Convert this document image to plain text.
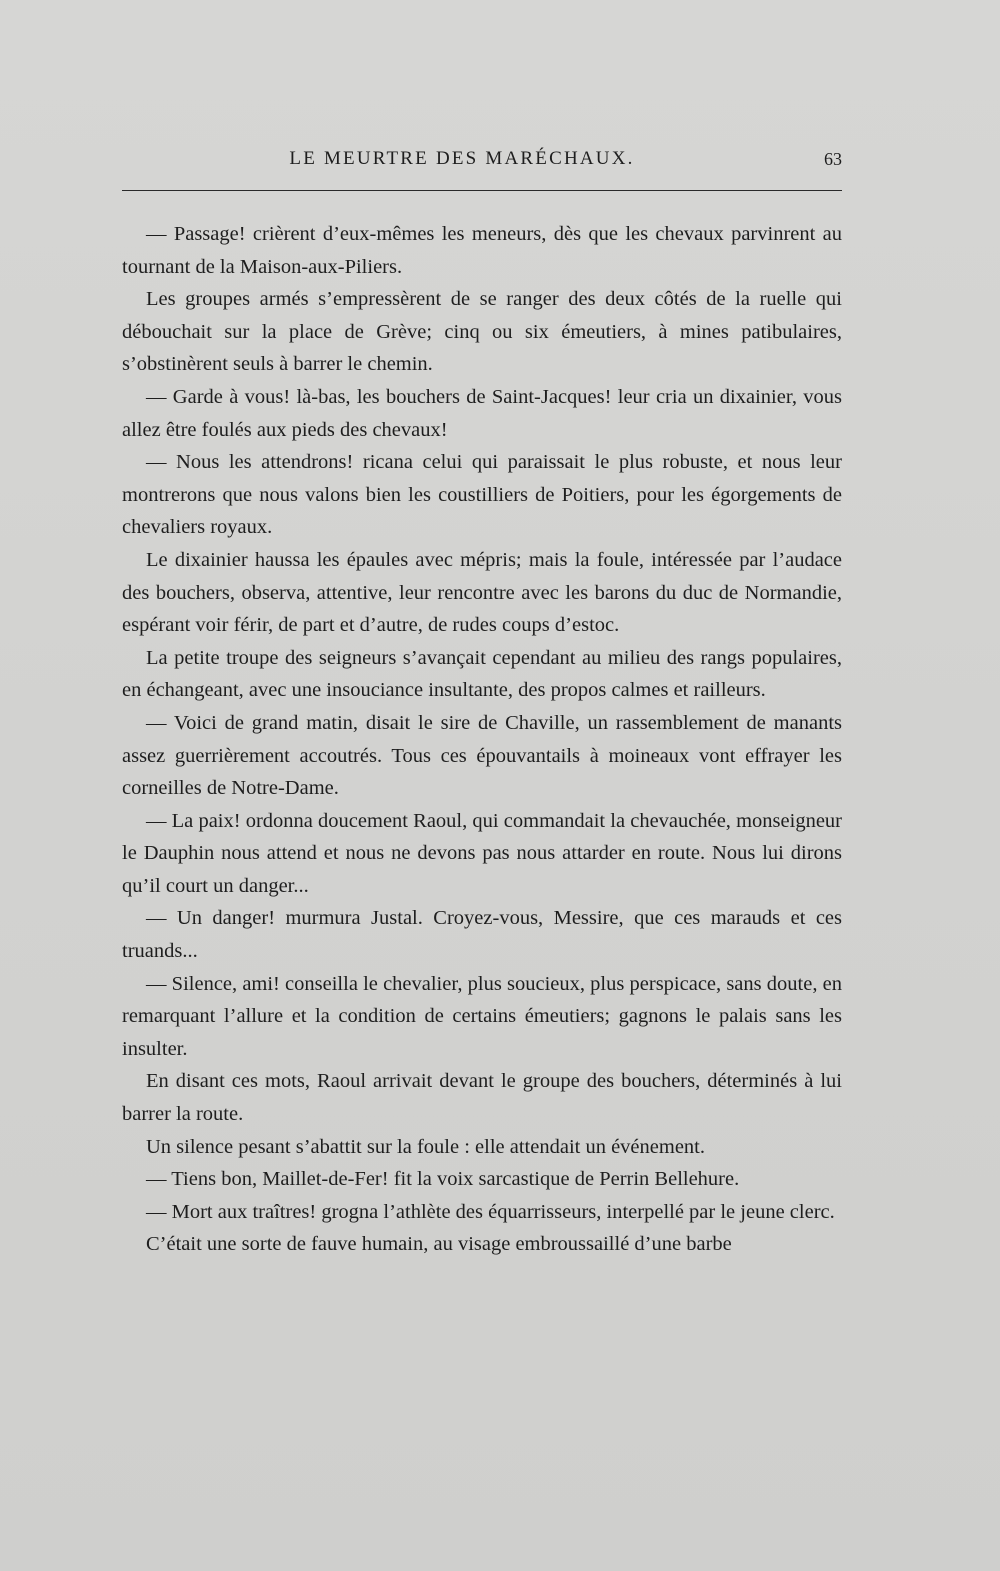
LE MEURTRE DES MARÉCHAUX.	63

— Passage! crièrent d’eux-mêmes les meneurs, dès que les chevaux parvinrent au tournant de la Maison-aux-Piliers.

Les groupes armés s’empressèrent de se ranger des deux côtés de la ruelle qui débouchait sur la place de Grève; cinq ou six émeutiers, à mines patibulaires, s’obstinèrent seuls à barrer le chemin.

— Garde à vous! là-bas, les bouchers de Saint-Jacques! leur cria un dixainier, vous allez être foulés aux pieds des chevaux!

— Nous les attendrons! ricana celui qui paraissait le plus robuste, et nous leur montrerons que nous valons bien les coustilliers de Poitiers, pour les égorgements de chevaliers royaux.

Le dixainier haussa les épaules avec mépris; mais la foule, intéressée par l’audace des bouchers, observa, attentive, leur rencontre avec les barons du duc de Normandie, espérant voir férir, de part et d’autre, de rudes coups d’estoc.

La petite troupe des seigneurs s’avançait cependant au milieu des rangs populaires, en échangeant, avec une insouciance insultante, des propos calmes et railleurs.

— Voici de grand matin, disait le sire de Chaville, un rassemblement de manants assez guerrièrement accoutrés. Tous ces épouvantails à moineaux vont effrayer les corneilles de Notre-Dame.

— La paix! ordonna doucement Raoul, qui commandait la chevauchée, monseigneur le Dauphin nous attend et nous ne devons pas nous attarder en route. Nous lui dirons qu’il court un danger...

— Un danger! murmura Justal. Croyez-vous, Messire, que ces marauds et ces truands...

— Silence, ami! conseilla le chevalier, plus soucieux, plus perspicace, sans doute, en remarquant l’allure et la condition de certains émeutiers; gagnons le palais sans les insulter.

En disant ces mots, Raoul arrivait devant le groupe des bouchers, déterminés à lui barrer la route.

Un silence pesant s’abattit sur la foule : elle attendait un événement.

— Tiens bon, Maillet-de-Fer! fit la voix sarcastique de Perrin Bellehure.

— Mort aux traîtres! grogna l’athlète des équarrisseurs, interpellé par le jeune clerc.

C’était une sorte de fauve humain, au visage embroussaillé d’une barbe
